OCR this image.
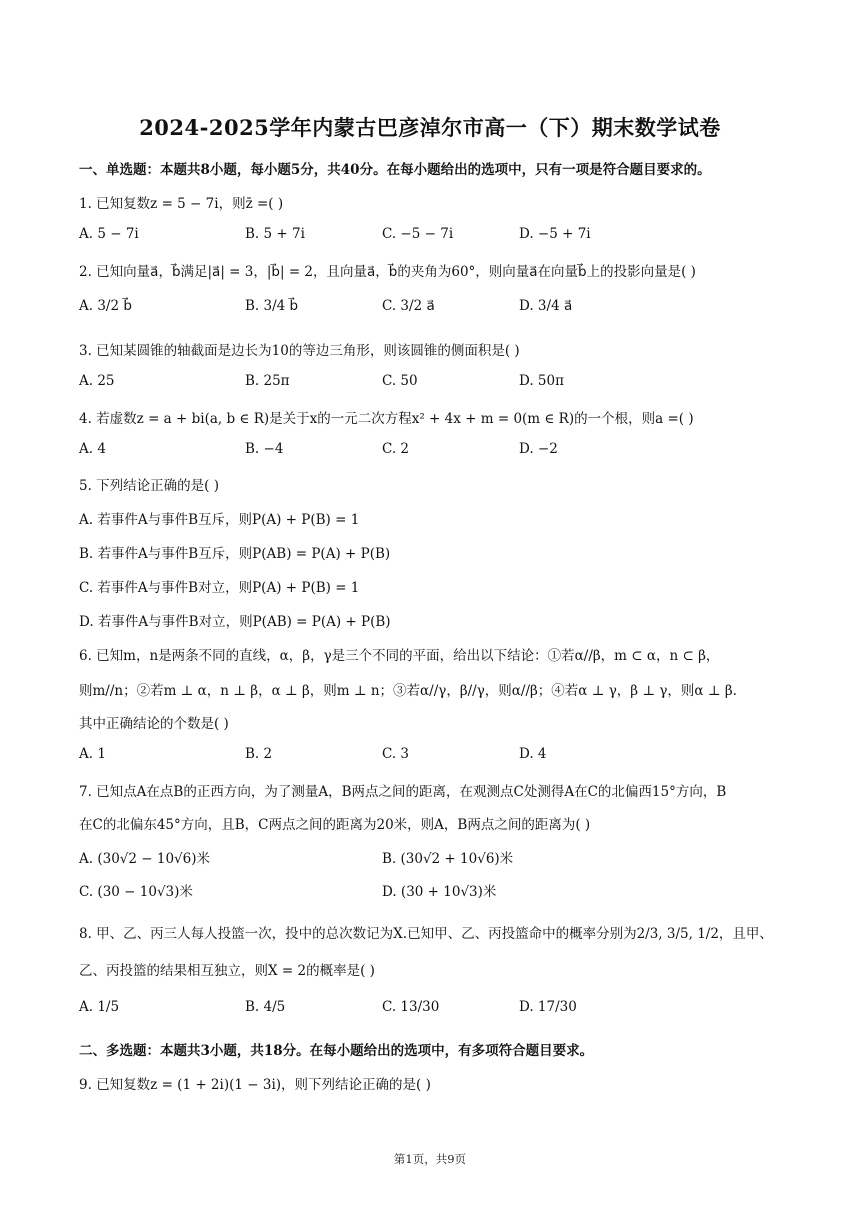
2024-2025学年内蒙古巴彦淖尔市高一（下）期末数学试卷
一、单选题：本题共8小题，每小题5分，共40分。在每小题给出的选项中，只有一项是符合题目要求的。
1. 已知复数z = 5 − 7i，则z̄ =( )
A. 5 − 7i	B. 5 + 7i	C. −5 − 7i	D. −5 + 7i
2. 已知向量a⃗，b⃗满足|a⃗| = 3，|b⃗| = 2，且向量a⃗，b⃗的夹角为60°，则向量a⃗在向量b⃗上的投影向量是( )
A. 3/2 b⃗	B. 3/4 b⃗	C. 3/2 a⃗	D. 3/4 a⃗
3. 已知某圆锥的轴截面是边长为10的等边三角形，则该圆锥的侧面积是( )
A. 25	B. 25π	C. 50	D. 50π
4. 若虚数z = a + bi(a, b ∈ R)是关于x的一元二次方程x² + 4x + m = 0(m ∈ R)的一个根，则a =( )
A. 4	B. −4	C. 2	D. −2
5. 下列结论正确的是( )
A. 若事件A与事件B互斥，则P(A) + P(B) = 1
B. 若事件A与事件B互斥，则P(AB) = P(A) + P(B)
C. 若事件A与事件B对立，则P(A) + P(B) = 1
D. 若事件A与事件B对立，则P(AB) = P(A) + P(B)
6. 已知m，n是两条不同的直线，α，β，γ是三个不同的平面，给出以下结论：①若α//β，m ⊂ α，n ⊂ β，
则m//n；②若m ⊥ α，n ⊥ β，α ⊥ β，则m ⊥ n；③若α//γ，β//γ，则α//β；④若α ⊥ γ，β ⊥ γ，则α ⊥ β.
其中正确结论的个数是( )
A. 1	B. 2	C. 3	D. 4
7. 已知点A在点B的正西方向，为了测量A，B两点之间的距离，在观测点C处测得A在C的北偏西15°方向，B
在C的北偏东45°方向，且B，C两点之间的距离为20米，则A，B两点之间的距离为( )
A. (30√2 − 10√6)米	B. (30√2 + 10√6)米
C. (30 − 10√3)米	D. (30 + 10√3)米
8. 甲、乙、丙三人每人投篮一次，投中的总次数记为X.已知甲、乙、丙投篮命中的概率分别为2/3, 3/5, 1/2，且甲、
乙、丙投篮的结果相互独立，则X = 2的概率是( )
A. 1/5	B. 4/5	C. 13/30	D. 17/30
二、多选题：本题共3小题，共18分。在每小题给出的选项中，有多项符合题目要求。
9. 已知复数z = (1 + 2i)(1 − 3i)，则下列结论正确的是( )
第1页，共9页
